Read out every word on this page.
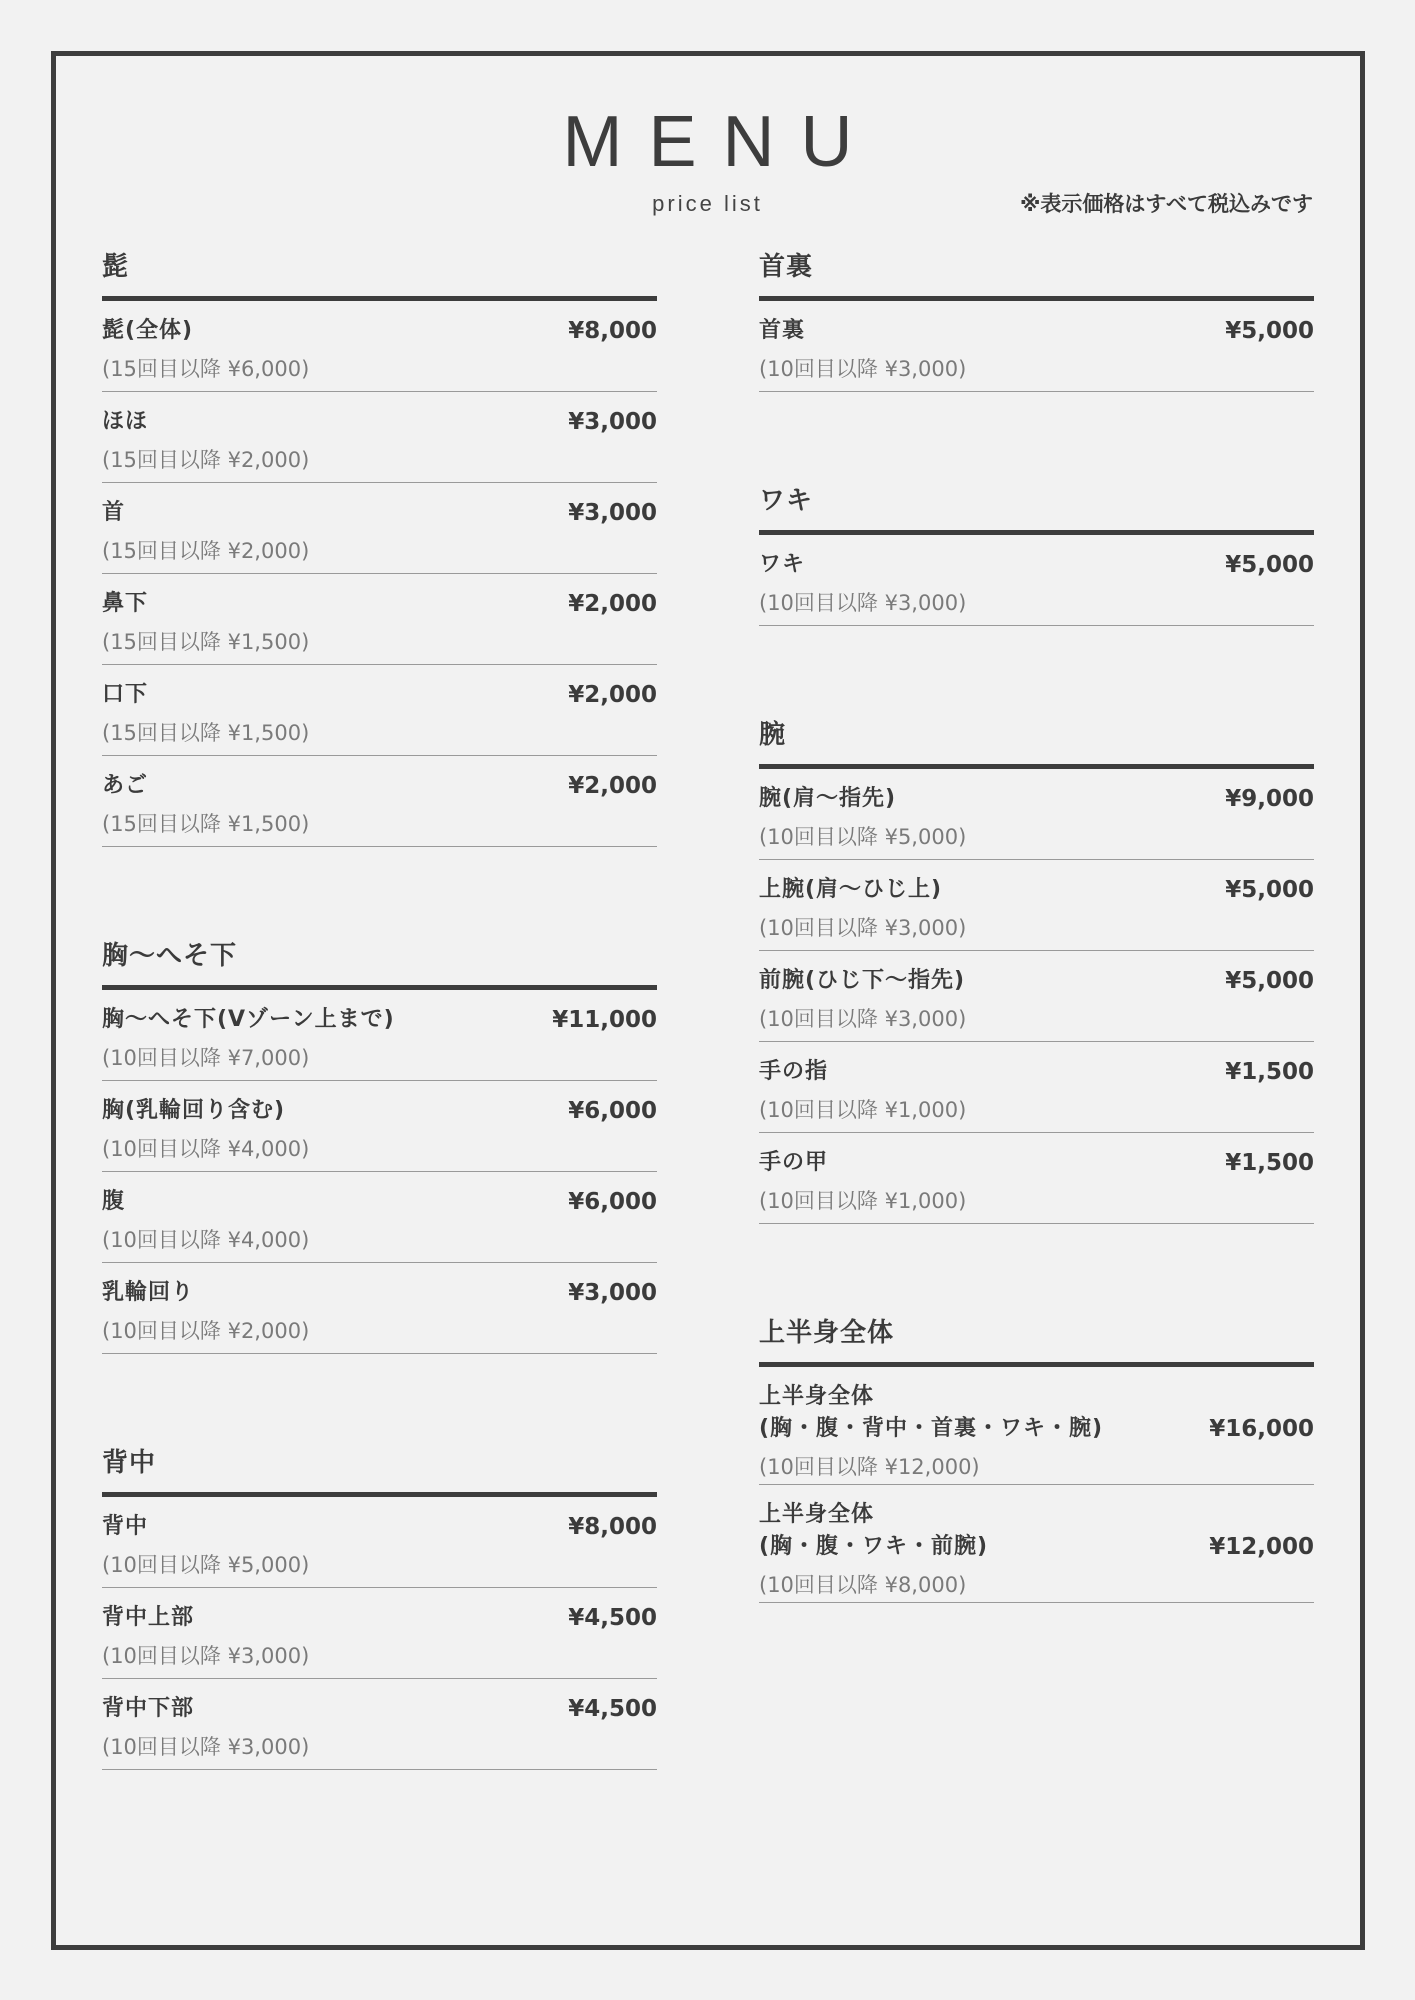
MENU
price list	※表示価格はすべて税込みです
髭
髭(全体)	¥8,000
(15回目以降 ¥6,000)
ほほ	¥3,000
(15回目以降 ¥2,000)
首	¥3,000
(15回目以降 ¥2,000)
鼻下	¥2,000
(15回目以降 ¥1,500)
口下	¥2,000
(15回目以降 ¥1,500)
あご	¥2,000
(15回目以降 ¥1,500)
胸〜へそ下
胸〜へそ下(Vゾーン上まで)	¥11,000
(10回目以降 ¥7,000)
胸(乳輪回り含む)	¥6,000
(10回目以降 ¥4,000)
腹	¥6,000
(10回目以降 ¥4,000)
乳輪回り	¥3,000
(10回目以降 ¥2,000)
背中
背中	¥8,000
(10回目以降 ¥5,000)
背中上部	¥4,500
(10回目以降 ¥3,000)
背中下部	¥4,500
(10回目以降 ¥3,000)
首裏
首裏	¥5,000
(10回目以降 ¥3,000)
ワキ
ワキ	¥5,000
(10回目以降 ¥3,000)
腕
腕(肩〜指先)	¥9,000
(10回目以降 ¥5,000)
上腕(肩〜ひじ上)	¥5,000
(10回目以降 ¥3,000)
前腕(ひじ下〜指先)	¥5,000
(10回目以降 ¥3,000)
手の指	¥1,500
(10回目以降 ¥1,000)
手の甲	¥1,500
(10回目以降 ¥1,000)
上半身全体
上半身全体
(胸・腹・背中・首裏・ワキ・腕)	¥16,000
(10回目以降 ¥12,000)
上半身全体
(胸・腹・ワキ・前腕)	¥12,000
(10回目以降 ¥8,000)
